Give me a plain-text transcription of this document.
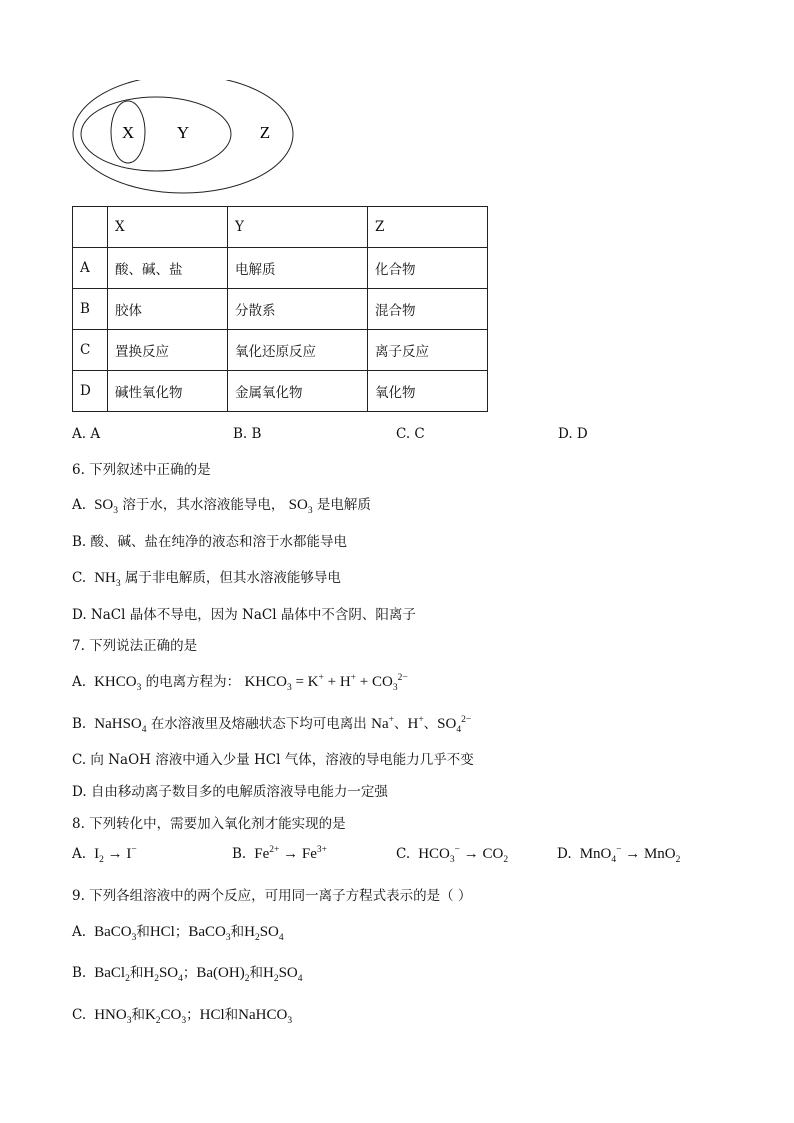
X	Y	Z
	X	Y	Z
A	酸、碱、盐	电解质	化合物
B	胶体	分散系	混合物
C	置换反应	氧化还原反应	离子反应
D	碱性氧化物	金属氧化物	氧化物
A. A	B. B	C. C	D. D
6. 下列叙述中正确的是
A.  $SO_3$ 溶于水，其水溶液能导电， $SO_3$ 是电解质
B. 酸、碱、盐在纯净的液态和溶于水都能导电
C.  $NH_3$ 属于非电解质，但其水溶液能够导电
D. NaCl 晶体不导电，因为 NaCl 晶体中不含阴、阳离子
7. 下列说法正确的是
A.  $KHCO_3$ 的电离方程为： $KHCO_3 = K^+ + H^+ + CO_3^{2-}$
B.  NaHSO$_4$ 在水溶液里及熔融状态下均可电离出 Na+、H+、$SO_4^{2-}$
C. 向 NaOH 溶液中通入少量 HCl 气体，溶液的导电能力几乎不变
D. 自由移动离子数目多的电解质溶液导电能力一定强
8. 下列转化中，需要加入氧化剂才能实现的是
A.  $I_2 \to I^-$	B.  $Fe^{2+} \to Fe^{3+}$	C.  $HCO_3^- \to CO_2$	D.  MnO$_4$− → MnO$_2$
9. 下列各组溶液中的两个反应，可用同一离子方程式表示的是（ ）
A.  BaCO$_3$和HCl；BaCO$_3$和$H_2SO_4$
B.  BaCl$_2$和$H_2SO_4$；$Ba(OH)_2$和$H_2SO_4$
C.  $HNO_3$和$K_2CO_3$；HCl和NaHCO$_3$
